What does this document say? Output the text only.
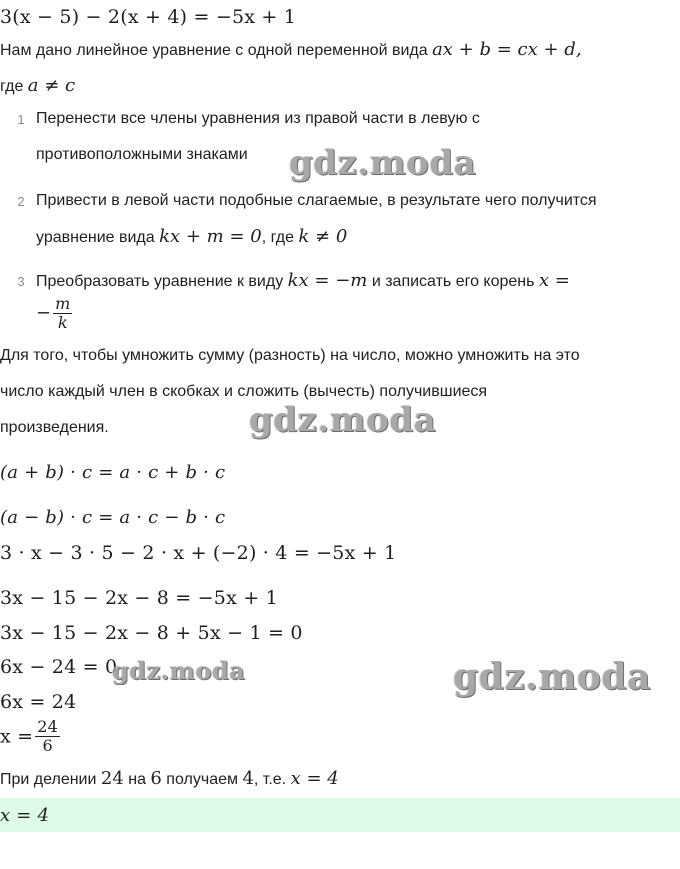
3(x − 5) − 2(x + 4) = −5x + 1
Нам дано линейное уравнение с одной переменной вида ax + b = cx + d,
где a ≠ c
1 Перенести все члены уравнения из правой части в левую с
противоположными знаками
2 Привести в левой части подобные слагаемые, в результате чего получится
уравнение вида kx + m = 0, где k ≠ 0
3 Преобразовать уравнение к виду kx = −m и записать его корень x =
− $\frac{m}{k}$
Для того, чтобы умножить сумму (разность) на число, можно умножить на это
число каждый член в скобках и сложить (вычесть) получившиеся
произведения.
(a + b) · c = a · c + b · c
(a − b) · c = a · c − b · c
3 · x − 3 · 5 − 2 · x + (−2) · 4 = −5x + 1
3x − 15 − 2x − 8 = −5x + 1
3x − 15 − 2x − 8 + 5x − 1 = 0
6x − 24 = 0
6x = 24
$x = \frac{24}{6}$
При делении 24 на 6 получаем 4, т.е. x = 4
x = 4
gdz.moda
gdz.moda
gdz.moda	gdz.moda
